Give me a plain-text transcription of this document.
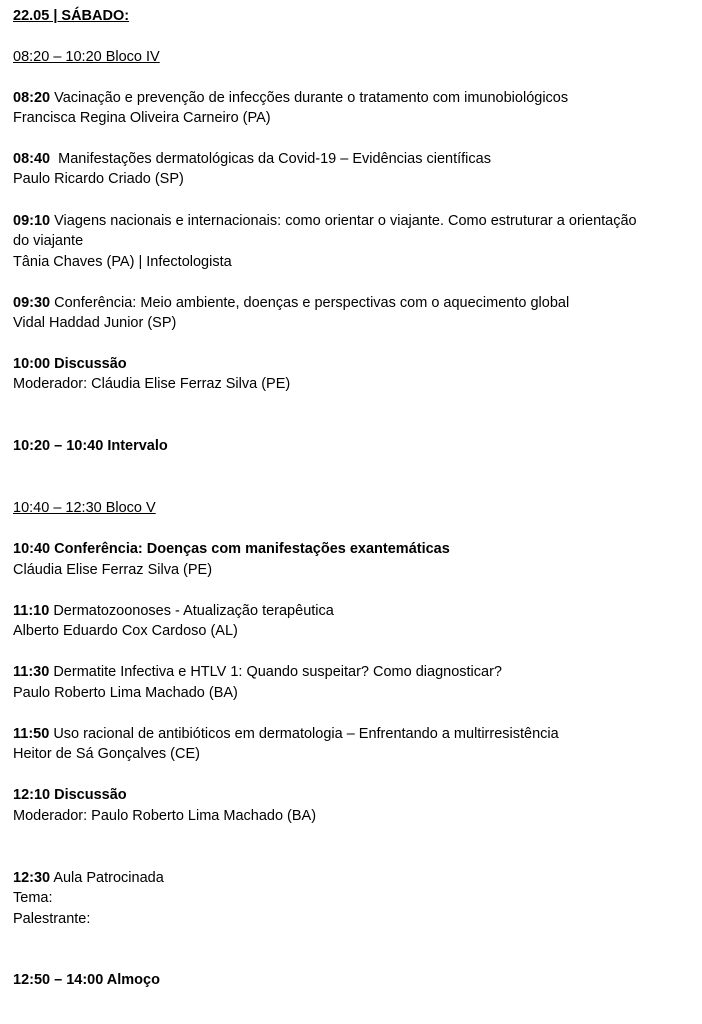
22.05 | SÁBADO:
08:20 – 10:20 Bloco IV
08:20 Vacinação e prevenção de infecções durante o tratamento com imunobiológicos
Francisca Regina Oliveira Carneiro (PA)
08:40  Manifestações dermatológicas da Covid-19 – Evidências científicas
Paulo Ricardo Criado (SP)
09:10 Viagens nacionais e internacionais: como orientar o viajante. Como estruturar a orientação
do viajante
Tânia Chaves (PA) | Infectologista
09:30 Conferência: Meio ambiente, doenças e perspectivas com o aquecimento global
Vidal Haddad Junior (SP)
10:00 Discussão
Moderador: Cláudia Elise Ferraz Silva (PE)
10:20 – 10:40 Intervalo
10:40 – 12:30 Bloco V
10:40 Conferência: Doenças com manifestações exantemáticas
Cláudia Elise Ferraz Silva (PE)
11:10 Dermatozoonoses - Atualização terapêutica
Alberto Eduardo Cox Cardoso (AL)
11:30 Dermatite Infectiva e HTLV 1: Quando suspeitar? Como diagnosticar?
Paulo Roberto Lima Machado (BA)
11:50 Uso racional de antibióticos em dermatologia – Enfrentando a multirresistência
Heitor de Sá Gonçalves (CE)
12:10 Discussão
Moderador: Paulo Roberto Lima Machado (BA)
12:30 Aula Patrocinada
Tema:
Palestrante:
12:50 – 14:00 Almoço
